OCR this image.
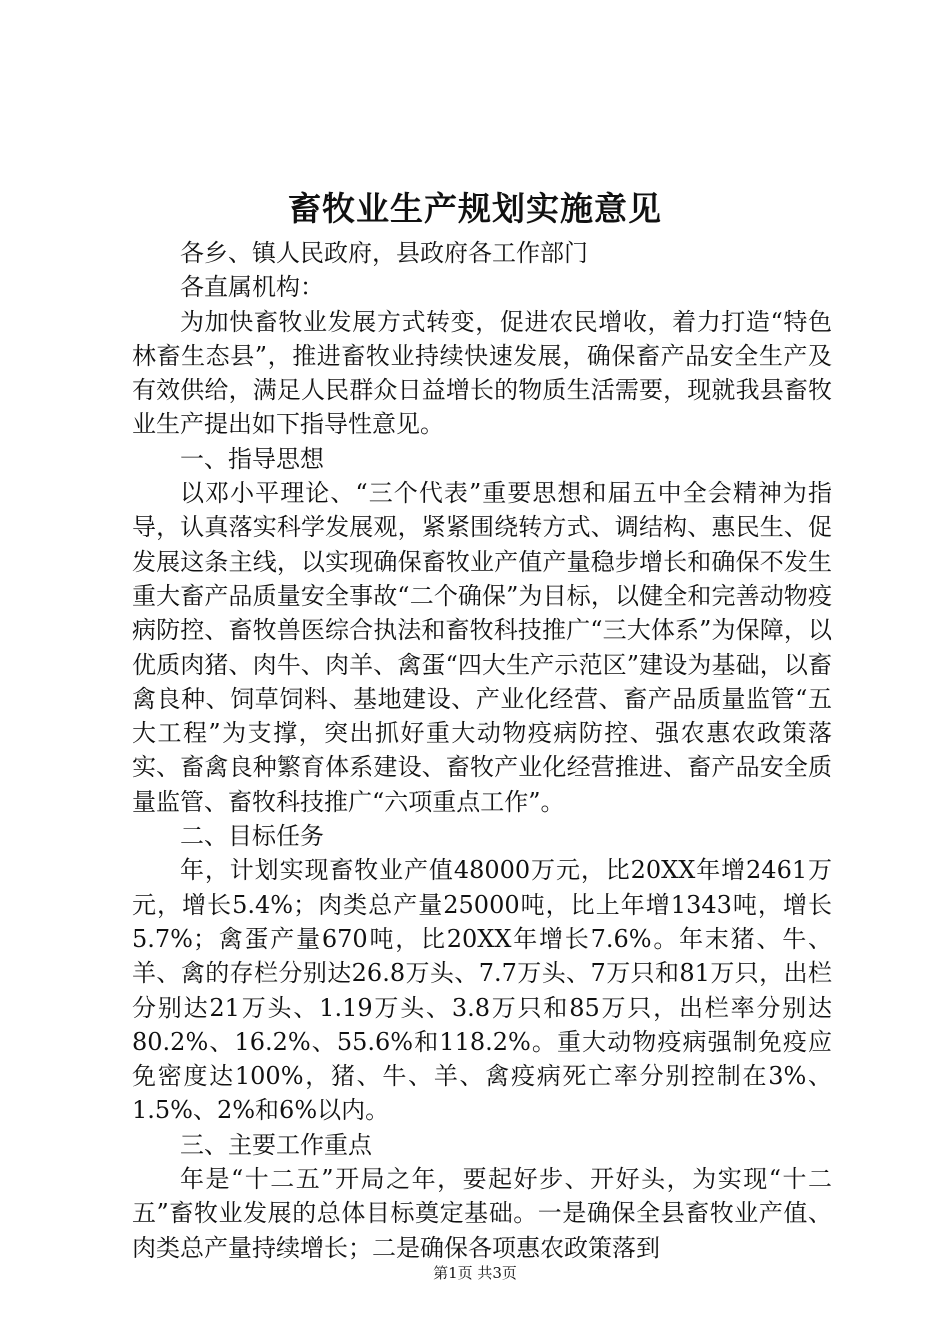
畜牧业生产规划实施意见

各乡、镇人民政府，县政府各工作部门

各直属机构：

为加快畜牧业发展方式转变，促进农民增收，着力打造“特色林畜生态县”，推进畜牧业持续快速发展，确保畜产品安全生产及有效供给，满足人民群众日益增长的物质生活需要，现就我县畜牧业生产提出如下指导性意见。

一、指导思想

以邓小平理论、“三个代表”重要思想和届五中全会精神为指导，认真落实科学发展观，紧紧围绕转方式、调结构、惠民生、促发展这条主线，以实现确保畜牧业产值产量稳步增长和确保不发生重大畜产品质量安全事故“二个确保”为目标，以健全和完善动物疫病防控、畜牧兽医综合执法和畜牧科技推广“三大体系”为保障，以优质肉猪、肉牛、肉羊、禽蛋“四大生产示范区”建设为基础，以畜禽良种、饲草饲料、基地建设、产业化经营、畜产品质量监管“五大工程”为支撑，突出抓好重大动物疫病防控、强农惠农政策落实、畜禽良种繁育体系建设、畜牧产业化经营推进、畜产品安全质量监管、畜牧科技推广“六项重点工作”。

二、目标任务

年，计划实现畜牧业产值48000万元，比20XX年增2461万元，增长5.4%；肉类总产量25000吨，比上年增1343吨，增长5.7%；禽蛋产量670吨，比20XX年增长7.6%。年末猪、牛、羊、禽的存栏分别达26.8万头、7.7万头、7万只和81万只，出栏分别达21万头、1.19万头、3.8万只和85万只，出栏率分别达80.2%、16.2%、55.6%和118.2%。重大动物疫病强制免疫应免密度达100%，猪、牛、羊、禽疫病死亡率分别控制在3%、1.5%、2%和6%以内。

三、主要工作重点

年是“十二五”开局之年，要起好步、开好头，为实现“十二五”畜牧业发展的总体目标奠定基础。一是确保全县畜牧业产值、肉类总产量持续增长；二是确保各项惠农政策落到

第1页 共3页
